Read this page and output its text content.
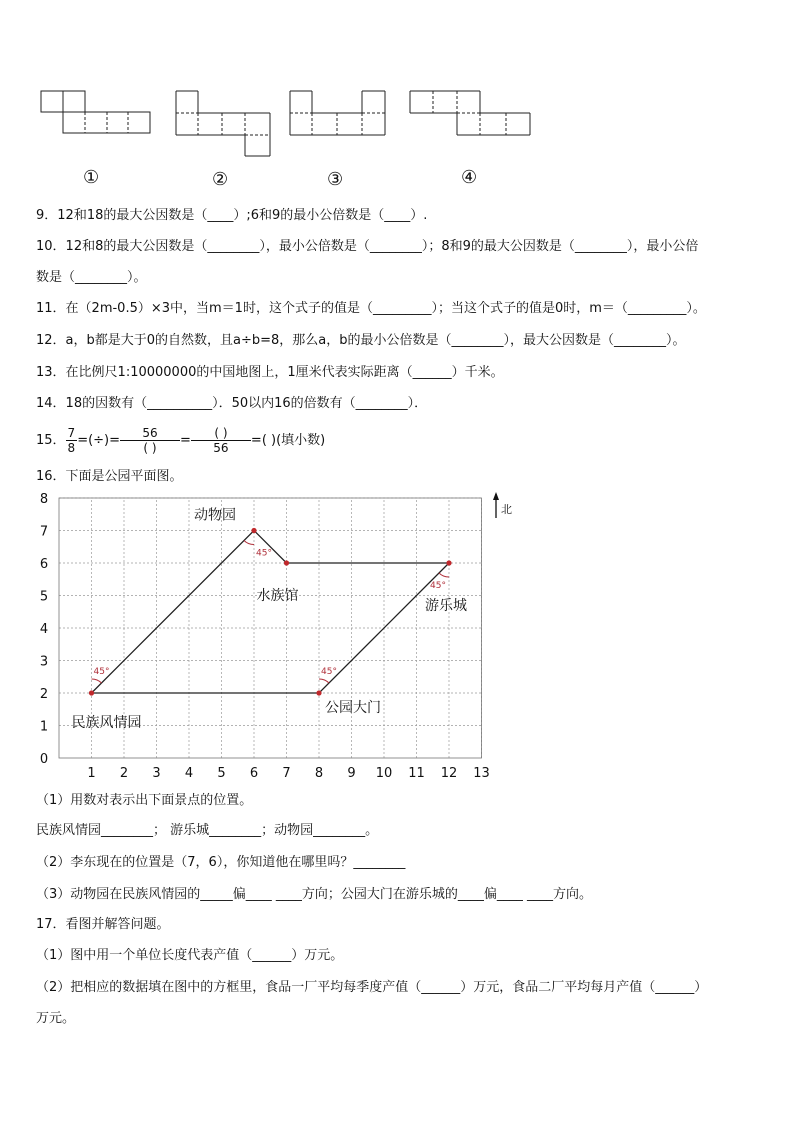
①	②	③	④
9．12和18的最大公因数是（____）;6和9的最小公倍数是（____）.
10．12和8的最大公因数是（________），最小公倍数是（________）；8和9的最大公因数是（________），最小公倍
数是（________）。
11．在（2m-0.5）×3中，当m＝1时，这个式子的值是（_________）；当这个式子的值是0时，m＝（_________）。
12．a，b都是大于0的自然数，且a÷b=8，那么a，b的最小公倍数是（________），最大公因数是（________）。
13．在比例尺1:10000000的中国地图上，1厘米代表实际距离（______）千米。
14．18的因数有（__________）．50以内16的倍数有（________）．
15． $\frac{7}{8}$ =(÷)= $\frac{56}{( )} = \frac{( )}{56}$ =( )(填小数)
16．下面是公园平面图。
1 2 3 4 5 6 7 8 9 10 11 12 13
0
1
2
3
4
5
6
7
8
45°
45°
45°
45°
民族风情园
动物园
水族馆
游乐城
公园大门
北
（1）用数对表示出下面景点的位置。
民族风情园________； 游乐城________；动物园________。
（2）李东现在的位置是（7，6），你知道他在哪里吗？________
（3）动物园在民族风情园的_____偏____ ____方向；公园大门在游乐城的____偏____ ____方向。
17．看图并解答问题。
（1）图中用一个单位长度代表产值（______）万元。
（2）把相应的数据填在图中的方框里，食品一厂平均每季度产值（______）万元，食品二厂平均每月产值（______）
万元。
